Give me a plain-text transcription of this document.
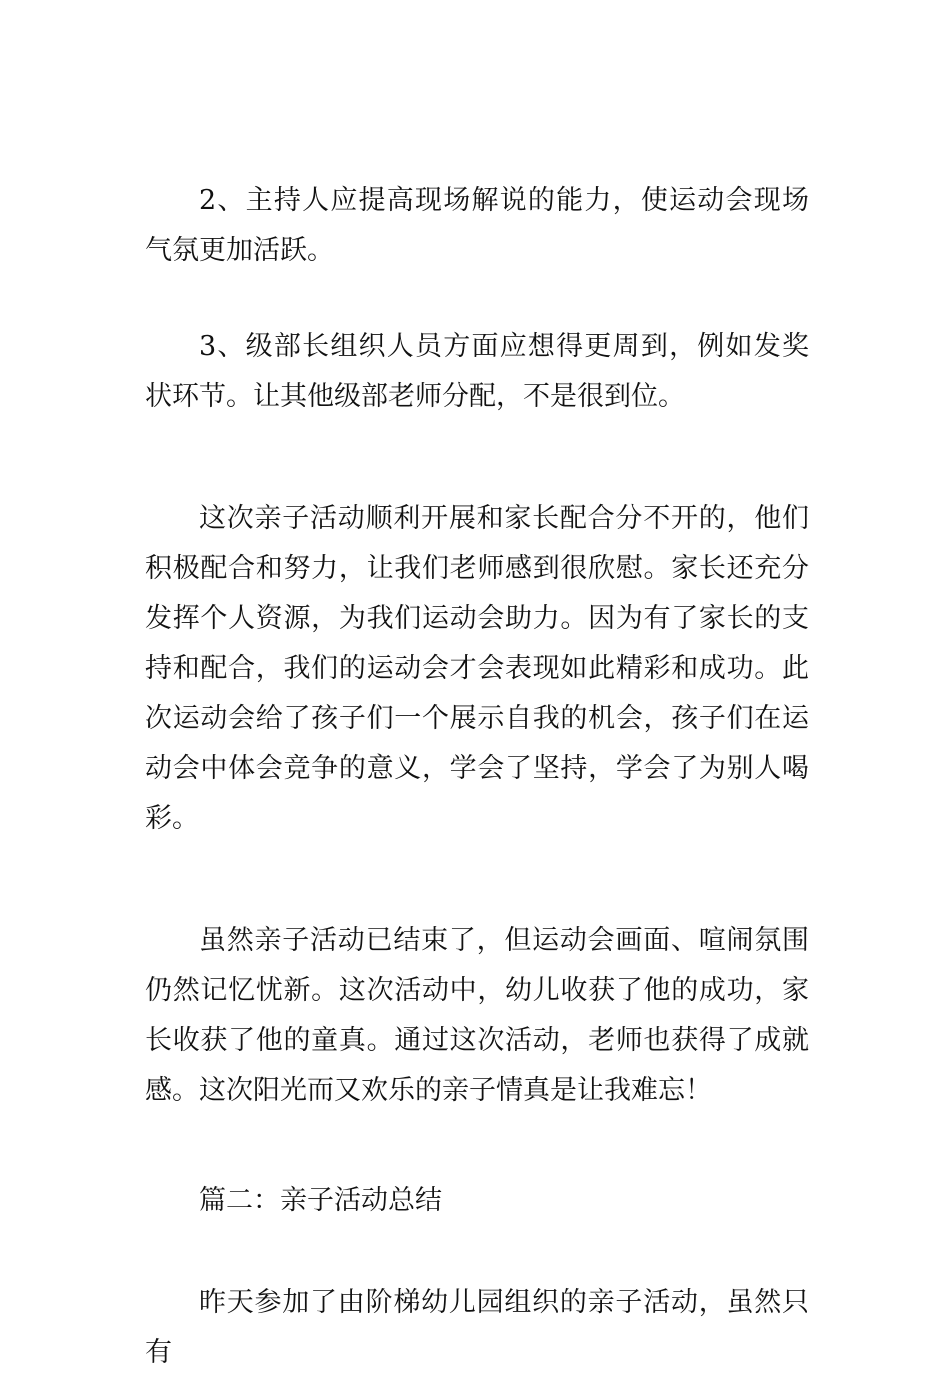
2、主持人应提高现场解说的能力，使运动会现场气氛更加活跃。

3、级部长组织人员方面应想得更周到，例如发奖状环节。让其他级部老师分配，不是很到位。

这次亲子活动顺利开展和家长配合分不开的，他们积极配合和努力，让我们老师感到很欣慰。家长还充分发挥个人资源，为我们运动会助力。因为有了家长的支持和配合，我们的运动会才会表现如此精彩和成功。此次运动会给了孩子们一个展示自我的机会，孩子们在运动会中体会竞争的意义，学会了坚持，学会了为别人喝彩。

虽然亲子活动已结束了，但运动会画面、喧闹氛围仍然记忆忧新。这次活动中，幼儿收获了他的成功，家长收获了他的童真。通过这次活动，老师也获得了成就感。这次阳光而又欢乐的亲子情真是让我难忘！

篇二：亲子活动总结

昨天参加了由阶梯幼儿园组织的亲子活动，虽然只有
